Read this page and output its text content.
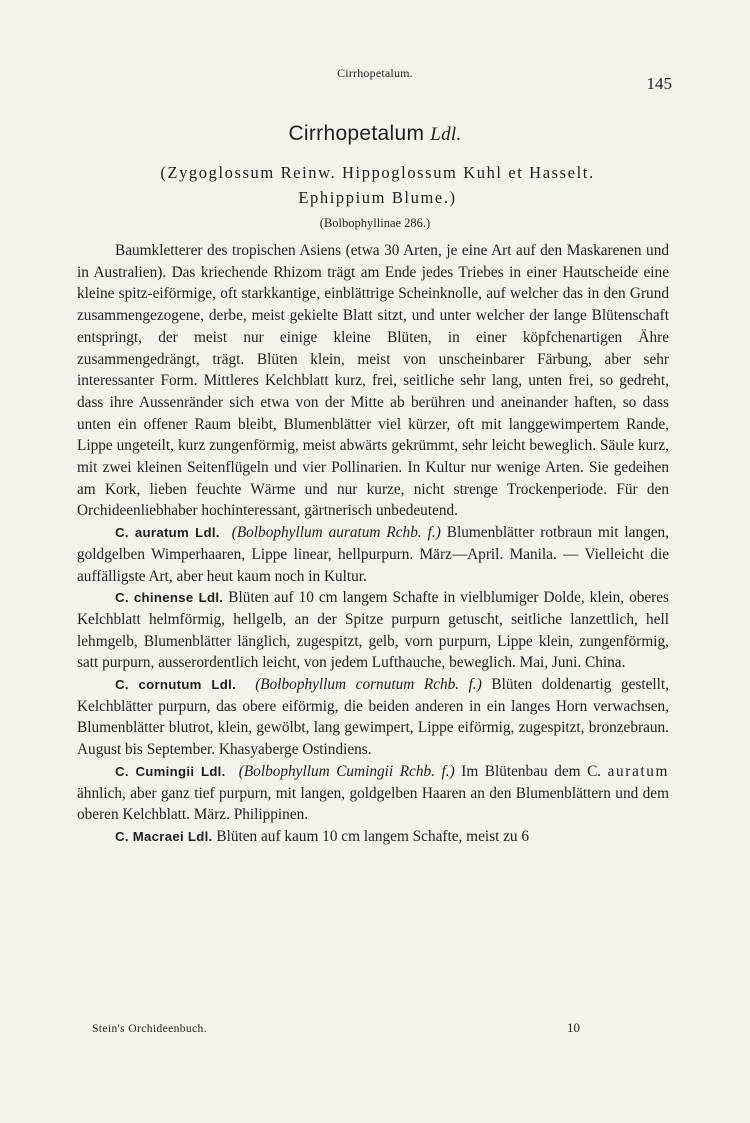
Cirrhopetalum.
145
Cirrhopetalum Ldl.
(Zygoglossum Reinw. Hippoglossum Kuhl et Hasselt.
Ephippium Blume.)
(Bolbophyllinae 286.)

Baumkletterer des tropischen Asiens (etwa 30 Arten, je eine Art auf den Maskarenen und in Australien). Das kriechende Rhizom trägt am Ende jedes Triebes in einer Hautscheide eine kleine spitz-eiförmige, oft starkkantige, einblättrige Scheinknolle, auf welcher das in den Grund zusammengezogene, derbe, meist gekielte Blatt sitzt, und unter welcher der lange Blütenschaft entspringt, der meist nur einige kleine Blüten, in einer köpfchenartigen Ähre zusammengedrängt, trägt. Blüten klein, meist von unscheinbarer Färbung, aber sehr interessanter Form. Mittleres Kelchblatt kurz, frei, seitliche sehr lang, unten frei, so gedreht, dass ihre Aussenränder sich etwa von der Mitte ab berühren und aneinander haften, so dass unten ein offener Raum bleibt, Blumenblätter viel kürzer, oft mit langgewimpertem Rande, Lippe ungeteilt, kurz zungenförmig, meist abwärts gekrümmt, sehr leicht beweglich. Säule kurz, mit zwei kleinen Seitenflügeln und vier Pollinarien. In Kultur nur wenige Arten. Sie gedeihen am Kork, lieben feuchte Wärme und nur kurze, nicht strenge Trockenperiode. Für den Orchideenliebhaber hochinteressant, gärtnerisch unbedeutend.

C. auratum Ldl. (Bolbophyllum auratum Rchb. f.) Blumenblätter rotbraun mit langen, goldgelben Wimperhaaren, Lippe linear, hellpurpurn. März—April. Manila. — Vielleicht die auffälligste Art, aber heut kaum noch in Kultur.

C. chinense Ldl. Blüten auf 10 cm langem Schafte in vielblumiger Dolde, klein, oberes Kelchblatt helmförmig, hellgelb, an der Spitze purpurn getuscht, seitliche lanzettlich, hell lehmgelb, Blumenblätter länglich, zugespitzt, gelb, vorn purpurn, Lippe klein, zungenförmig, satt purpurn, ausserordentlich leicht, von jedem Lufthauche, beweglich. Mai, Juni. China.

C. cornutum Ldl. (Bolbophyllum cornutum Rchb. f.) Blüten doldenartig gestellt, Kelchblätter purpurn, das obere eiförmig, die beiden anderen in ein langes Horn verwachsen, Blumenblätter blutrot, klein, gewölbt, lang gewimpert, Lippe eiförmig, zugespitzt, bronzebraun. August bis September. Khasyaberge Ostindiens.

C. Cumingii Ldl. (Bolbophyllum Cumingii Rchb. f.) Im Blütenbau dem C. auratum ähnlich, aber ganz tief purpurn, mit langen, goldgelben Haaren an den Blumenblättern und dem oberen Kelchblatt. März. Philippinen.

C. Macraei Ldl. Blüten auf kaum 10 cm langem Schafte, meist zu 6

Stein's Orchideenbuch.	10
